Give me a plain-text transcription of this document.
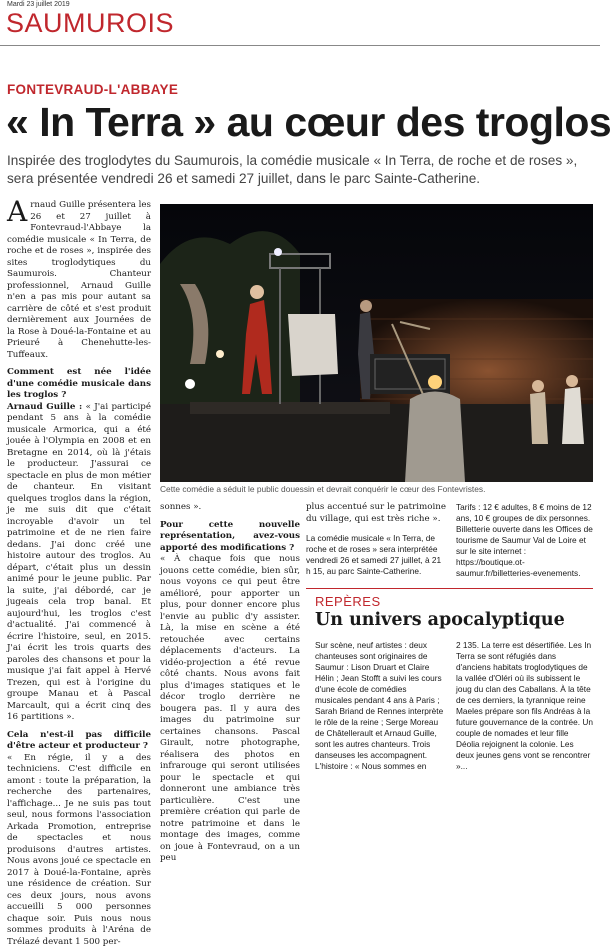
Mardi 23 juillet 2019
SAUMUROIS
FONTEVRAUD-L'ABBAYE
« In Terra » au cœur des troglos

Inspirée des troglodytes du Saumurois, la comédie musicale « In Terra, de roche et de roses », sera présentée vendredi 26 et samedi 27 juillet, dans le parc Sainte-Catherine.

Arnaud Guille présentera les 26 et 27 juillet à Fontevraud-l'Abbaye la comédie musicale « In Terra, de roche et de roses », inspirée des sites troglodytiques du Saumurois. Chanteur professionnel, Arnaud Guille n'en a pas mis pour autant sa carrière de côté et s'est produit dernièrement aux Journées de la Rose à Doué-la-Fontaine et au Prieuré à Chenehutte-les-Tuffeaux.

Comment est née l'idée d'une comédie musicale dans les troglos ?

Arnaud Guille : « J'ai participé pendant 5 ans à la comédie musicale Armorica, qui a été jouée à l'Olympia en 2008 et en Bretagne en 2014, où là j'étais le producteur. J'assurai ce spectacle en plus de mon métier de chanteur. En visitant quelques troglos dans la région, je me suis dit que c'était incroyable d'avoir un tel patrimoine et de ne rien faire dedans. J'ai donc créé une histoire autour des troglos. Au départ, c'était plus un dessin animé pour le jeune public. Par la suite, j'ai débordé, car je jugeais cela trop banal. Et aujourd'hui, les troglos c'est d'actualité. J'ai commencé à écrire l'histoire, seul, en 2015. J'ai écrit les trois quarts des paroles des chansons et pour la musique j'ai fait appel à Hervé Trezen, qui est à l'origine du groupe Manau et à Pascal Marcault, qui a écrit cinq des 16 partitions ».

Cela n'est-il pas difficile d'être acteur et producteur ?

« En régie, il y a des techniciens. C'est difficile en amont : toute la préparation, la recherche des partenaires, l'affichage... Je ne suis pas tout seul, nous formons l'association Arkada Promotion, entreprise de spectacles et nous produisons d'autres artistes. Nous avons joué ce spectacle en 2017 à Doué-la-Fontaine, après une résidence de création. Sur ces deux jours, nous avons accueilli 5 000 personnes chaque soir. Puis nous nous sommes produits à l'Aréna de Trélazé devant 1 500 per-

Cette comédie a séduit le public douessin et devrait conquérir le cœur des Fontevristes.

sonnes ».

Pour cette nouvelle représentation, avez-vous apporté des modifications ?

« À chaque fois que nous jouons cette comédie, bien sûr, nous voyons ce qui peut être amélioré, pour apporter un plus, pour donner encore plus l'envie au public d'y assister. Là, la mise en scène a été retouchée avec certains déplacements d'acteurs. La vidéo-projection a été revue côté chants. Nous avons fait plus d'images statiques et le décor troglo derrière ne bougera pas. Il y aura des images du patrimoine sur certaines chansons. Pascal Girault, notre photographe, réalisera des photos en infrarouge qui seront utilisées pour le spectacle et qui donneront une ambiance très particulière. C'est une première création qui parle de notre patrimoine et dans le montage des images, comme on joue à Fontevraud, on a un peu

plus accentué sur le patrimoine du village, qui est très riche ».

La comédie musicale « In Terra, de roche et de roses » sera interprétée vendredi 26 et samedi 27 juillet, à 21 h 15, au parc Sainte-Catherine.

Tarifs : 12 € adultes, 8 € moins de 12 ans, 10 € groupes de dix personnes. Billetterie ouverte dans les Offices de tourisme de Saumur Val de Loire et sur le site internet : https://boutique.ot-saumur.fr/billetteries-evenements.

REPÈRES
Un univers apocalyptique

Sur scène, neuf artistes : deux chanteuses sont originaires de Saumur : Lison Druart et Claire Hélin ; Jean Stofft a suivi les cours d'une école de comédies musicales pendant 4 ans à Paris ; Sarah Briand de Rennes interprète le rôle de la reine ; Serge Moreau de Châtellerault et Arnaud Guille, sont les autres chanteurs. Trois danseuses les accompagnent.
L'histoire : « Nous sommes en

2 135. La terre est désertifiée. Les In Terra se sont réfugiés dans d'anciens habitats troglodytiques de la vallée d'Oléri où ils subissent le joug du clan des Caballans. À la tête de ces derniers, la tyrannique reine Maeles prépare son fils Andréas à la future gouvernance de la contrée. Un couple de nomades et leur fille Déolia rejoignent la colonie. Les deux jeunes gens vont se rencontrer »...
